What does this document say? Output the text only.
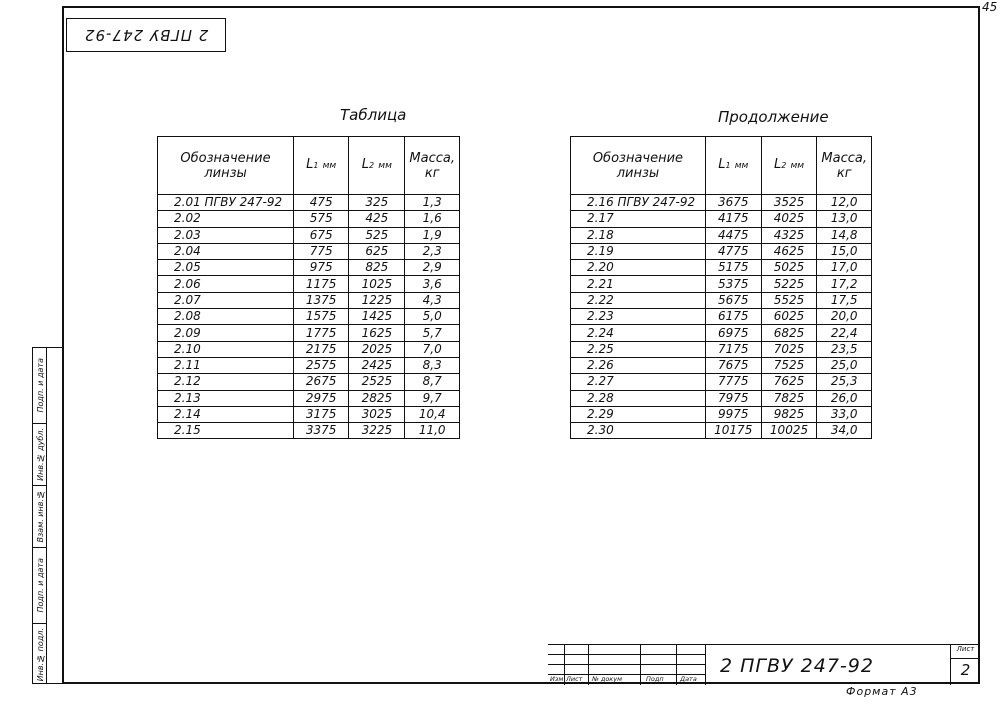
45
2 ПГВУ 247-92
Подп. и дата
Инв.№ дубл.
Взам. инв.№
Подп. и дата
Инв.№ подл.
Таблица
Обозначение линзы	L1 мм	L2 мм	Масса, кг
2.01 ПГВУ 247-92	475	325	1,3
2.02	575	425	1,6
2.03	675	525	1,9
2.04	775	625	2,3
2.05	975	825	2,9
2.06	1175	1025	3,6
2.07	1375	1225	4,3
2.08	1575	1425	5,0
2.09	1775	1625	5,7
2.10	2175	2025	7,0
2.11	2575	2425	8,3
2.12	2675	2525	8,7
2.13	2975	2825	9,7
2.14	3175	3025	10,4
2.15	3375	3225	11,0
Продолжение
Обозначение линзы	L1 мм	L2 мм	Масса, кг
2.16 ПГВУ 247-92	3675	3525	12,0
2.17	4175	4025	13,0
2.18	4475	4325	14,8
2.19	4775	4625	15,0
2.20	5175	5025	17,0
2.21	5375	5225	17,2
2.22	5675	5525	17,5
2.23	6175	6025	20,0
2.24	6975	6825	22,4
2.25	7175	7025	23,5
2.26	7675	7525	25,0
2.27	7775	7625	25,3
2.28	7975	7825	26,0
2.29	9975	9825	33,0
2.30	10175	10025	34,0
Изм Лист № докум	Подп	Дата
2 ПГВУ 247-92
Лист
2
Формат А3
